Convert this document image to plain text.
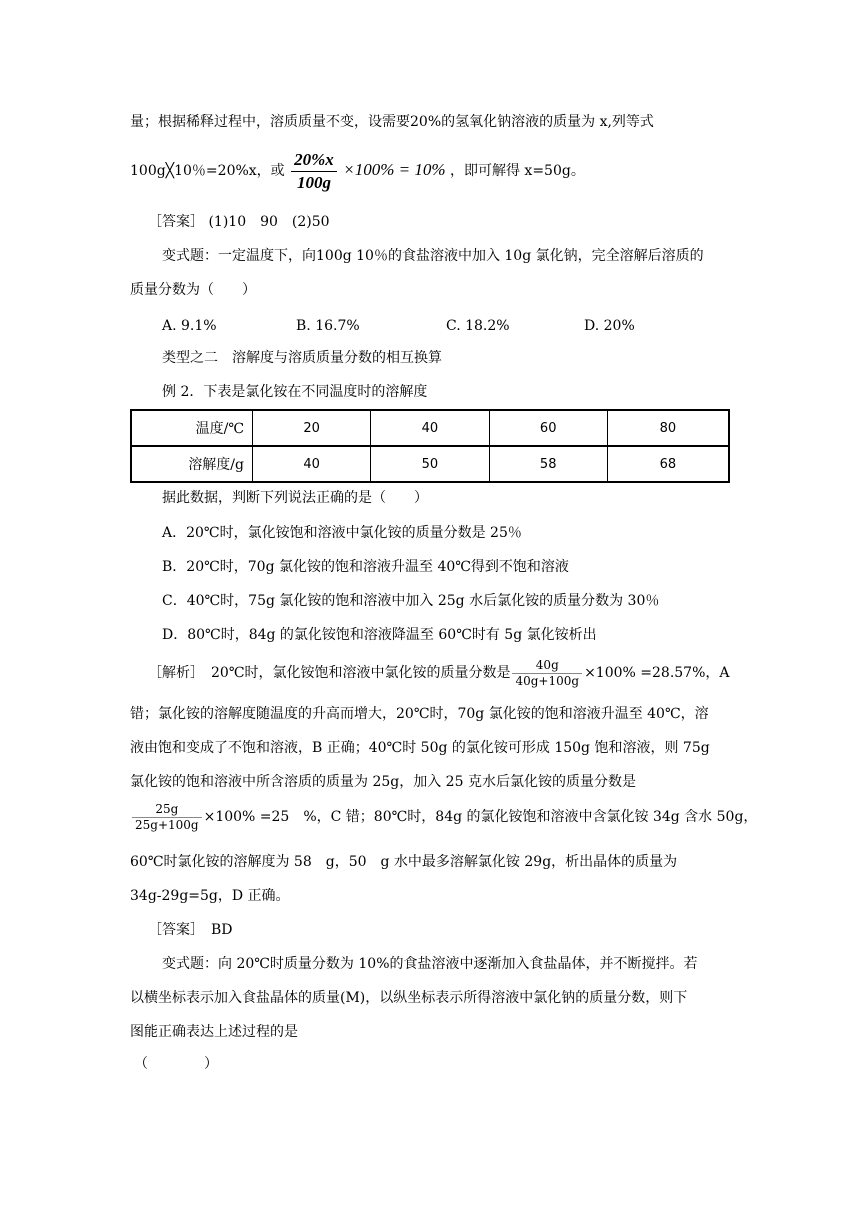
量；根据稀释过程中，溶质质量不变，设需要20%的氢氧化钠溶液的质量为 x,列等式
100g╳10％=20%x，或 $\frac{20\%x}{100g} \times 100\% = 10\%$ ，即可解得 x=50g。
［答案］ (1)10　90　(2)50
变式题：一定温度下，向100g 10％的食盐溶液中加入 10g 氯化钠，完全溶解后溶质的
质量分数为（　　）
A. 9.1%	B. 16.7%	C. 18.2%	D. 20%
类型之二　溶解度与溶质质量分数的相互换算
例 2．下表是氯化铵在不同温度时的溶解度
温度/℃	20	40	60	80
溶解度/g	40	50	58	68
据此数据，判断下列说法正确的是（　　）
A．20℃时，氯化铵饱和溶液中氯化铵的质量分数是 25％
B．20℃时，70g 氯化铵的饱和溶液升温至 40℃得到不饱和溶液
C．40℃时，75g 氯化铵的饱和溶液中加入 25g 水后氯化铵的质量分数为 30％
D．80℃时，84g 的氯化铵饱和溶液降温至 60℃时有 5g 氯化铵析出
［解析］　20℃时，氯化铵饱和溶液中氯化铵的质量分数是 $\frac{40g}{40g+100g} \times 100\% =28.57\%$，A
错；氯化铵的溶解度随温度的升高而增大，20℃时，70g 氯化铵的饱和溶液升温至 40℃，溶
液由饱和变成了不饱和溶液，B 正确；40℃时 50g 的氯化铵可形成 150g 饱和溶液，则 75g
氯化铵的饱和溶液中所含溶质的质量为 25g，加入 25 克水后氯化铵的质量分数是
$\frac{25g}{25g+100g} \times 100\% =25$　%，C 错；80℃时，84g 的氯化铵饱和溶液中含氯化铵 34g 含水 50g，
60℃时氯化铵的溶解度为 58　g，50　g 水中最多溶解氯化铵 29g，析出晶体的质量为
34g-29g=5g，D 正确。
［答案］　BD
变式题：向 20℃时质量分数为 10%的食盐溶液中逐渐加入食盐晶体，并不断搅拌。若
以横坐标表示加入食盐晶体的质量(M)，以纵坐标表示所得溶液中氯化钠的质量分数，则下
图能正确表达上述过程的是
（　　　　）
